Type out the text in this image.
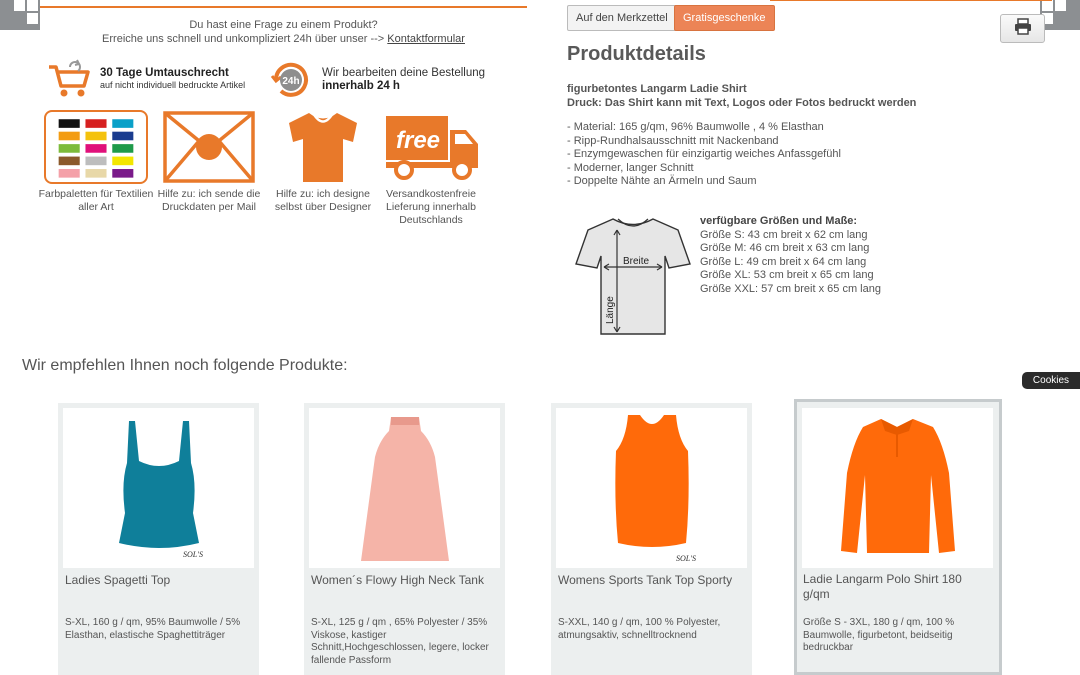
Du hast eine Frage zu einem Produkt?
Erreiche uns schnell und unkompliziert 24h über unser --> Kontaktformular
30 Tage Umtauschrecht
auf nicht individuell bedruckte Artikel	24h
Wir bearbeiten deine Bestellung
innerhalb 24 h
Farbpaletten für Textilien aller Art
Hilfe zu: ich sende die Druckdaten per Mail
Hilfe zu: ich designe selbst über Designer
free
Versandkostenfreie Lieferung innerhalb Deutschlands
Auf den Merkzettel	Gratisgeschenke
Produktdetails
figurbetontes Langarm Ladie Shirt
Druck: Das Shirt kann mit Text, Logos oder Fotos bedruckt werden
- Material: 165 g/qm, 96% Baumwolle , 4 % Elasthan
- Ripp-Rundhalsausschnitt mit Nackenband
- Enzymgewaschen für einzigartig weiches Anfassgefühl
- Moderner, langer Schnitt
- Doppelte Nähte an Ärmeln und Saum
Breite
Länge
verfügbare Größen und Maße:
Größe S: 43 cm breit x 62 cm lang
Größe M: 46 cm breit x 63 cm lang
Größe L: 49 cm breit x 64 cm lang
Größe XL: 53 cm breit x 65 cm lang
Größe XXL: 57 cm breit x 65 cm lang
Wir empfehlen Ihnen noch folgende Produkte:
Cookies
SOL'S
Ladies Spagetti Top
S-XL, 160 g / qm, 95% Baumwolle / 5% Elasthan, elastische Spaghettiträger
Women´s Flowy High Neck Tank
S-XL, 125 g / qm , 65% Polyester / 35% Viskose, kastiger Schnitt,Hochgeschlossen, legere, locker fallende Passform
SOL'S
Womens Sports Tank Top Sporty
S-XXL, 140 g / qm, 100 % Polyester, atmungsaktiv, schnelltrocknend
Ladie Langarm Polo Shirt 180 g/qm
Größe S - 3XL, 180 g / qm, 100 % Baumwolle, figurbetont, beidseitig bedruckbar
